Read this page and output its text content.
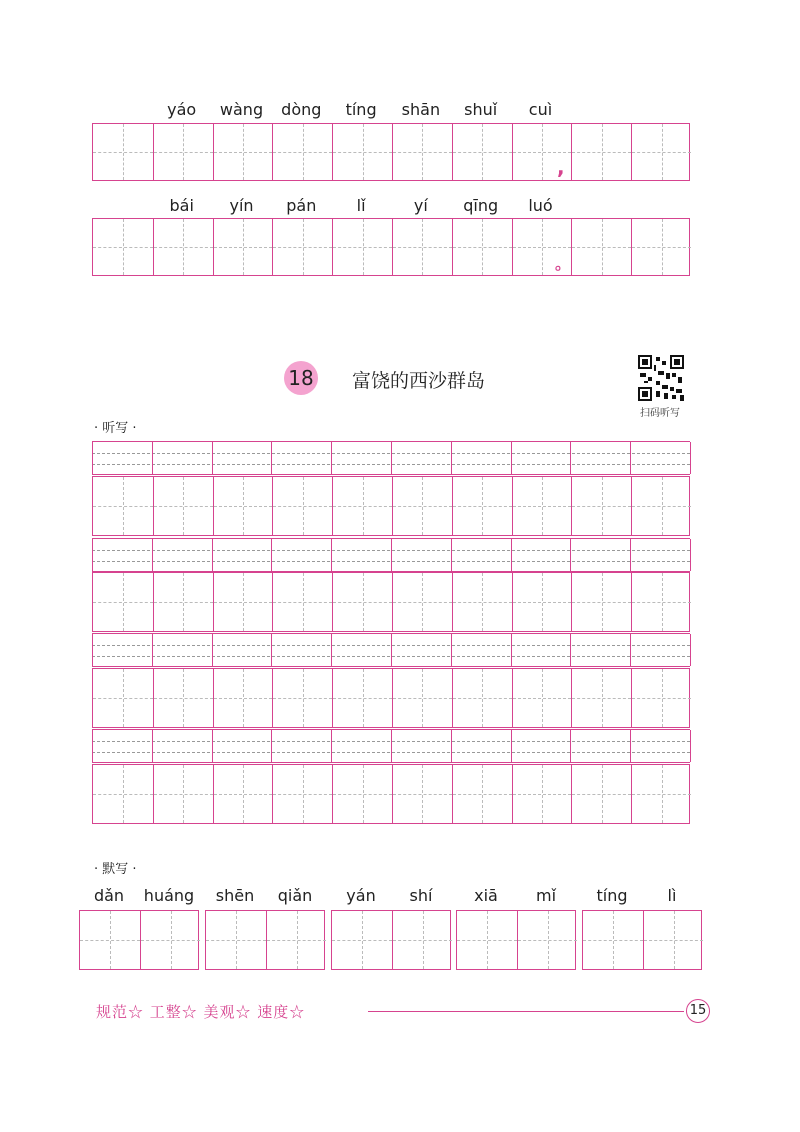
yáo wàng dòng tíng shān shuǐ cuì
,
bái yín pán	lǐ	yí qīng luó
。
18 富饶的西沙群岛
扫码听写
· 听写 ·
· 默写 ·
dǎn huáng shēn qiǎn yán shí	xiā mǐ	tíng	lì
规范☆ 工整☆ 美观☆ 速度☆	15
